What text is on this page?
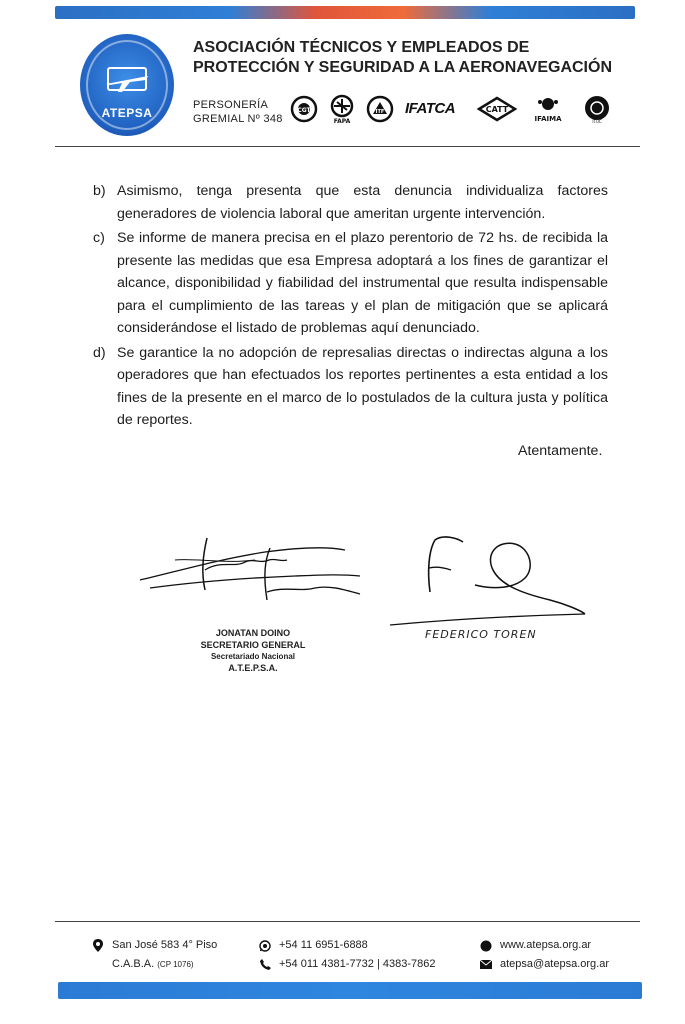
ATEPSA
ASOCIACIÓN TÉCNICOS Y EMPLEADOS DE
PROTECCIÓN Y SEGURIDAD A LA AERONAVEGACIÓN
PERSONERÍA
GREMIAL Nº 348
CGT
FAPA
ITF IFATCA	CATT
IFAIMA	ITUC
b) Asimismo, tenga presenta que esta denuncia individualiza factores generadores de violencia laboral que ameritan urgente intervención.
c) Se informe de manera precisa en el plazo perentorio de 72 hs. de recibida la presente las medidas que esa Empresa adoptará a los fines de garantizar el alcance, disponibilidad y fiabilidad del instrumental que resulta indispensable para el cumplimiento de las tareas y el plan de mitigación que se aplicará considerándose el listado de problemas aquí denunciado.
d) Se garantice la no adopción de represalias directas o indirectas alguna a los operadores que han efectuados los reportes pertinentes a esta entidad a los fines de la presente en el marco de lo postulados de la cultura justa y política de reportes.
Atentamente.
FEDERICO TOREN
JONATAN DOINO
SECRETARIO GENERAL
Secretariado Nacional
A.T.E.P.S.A.
San José 583 4° Piso
C.A.B.A.
(CP 1076)
+54 11 6951-6888
+54 011 4381-7732 | 4383-7862
www.atepsa.org.ar
atepsa@atepsa.org.ar
